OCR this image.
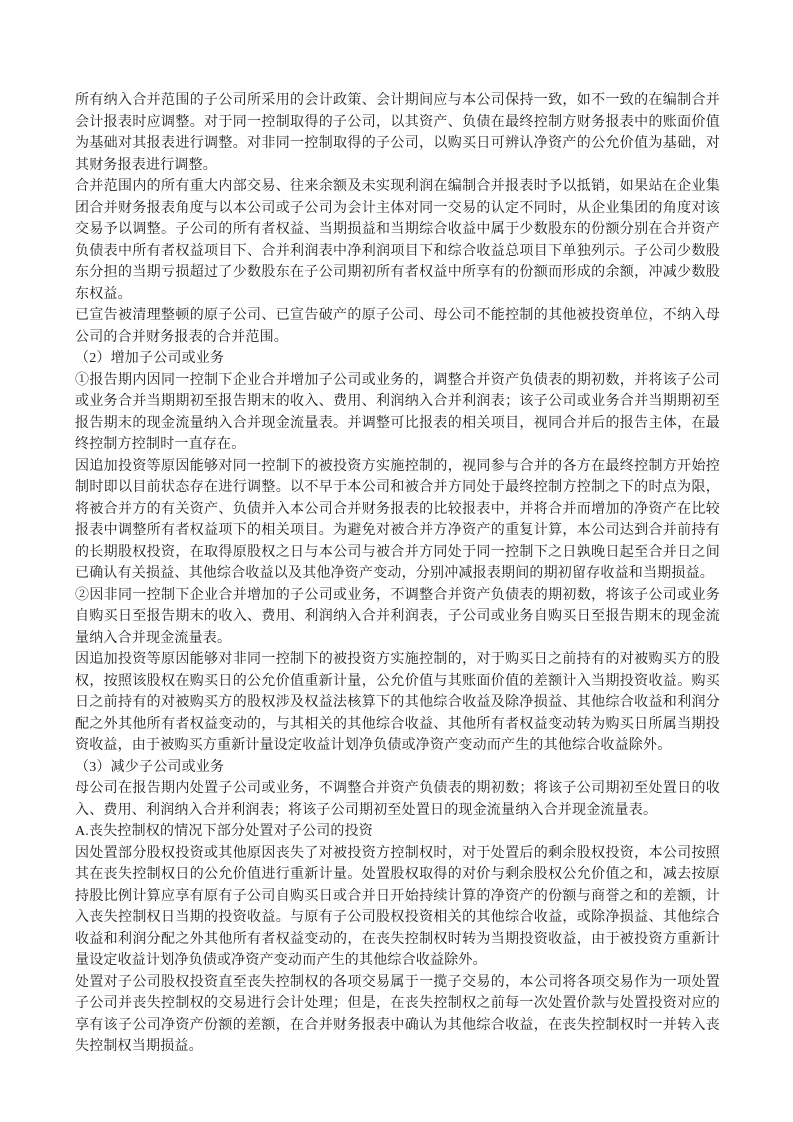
所有纳入合并范围的子公司所采用的会计政策、会计期间应与本公司保持一致，如不一致的在编制合并会计报表时应调整。对于同一控制取得的子公司，以其资产、负债在最终控制方财务报表中的账面价值为基础对其报表进行调整。对非同一控制取得的子公司，以购买日可辨认净资产的公允价值为基础，对其财务报表进行调整。

合并范围内的所有重大内部交易、往来余额及未实现利润在编制合并报表时予以抵销，如果站在企业集团合并财务报表角度与以本公司或子公司为会计主体对同一交易的认定不同时，从企业集团的角度对该交易予以调整。子公司的所有者权益、当期损益和当期综合收益中属于少数股东的份额分别在合并资产负债表中所有者权益项目下、合并利润表中净利润项目下和综合收益总项目下单独列示。子公司少数股东分担的当期亏损超过了少数股东在子公司期初所有者权益中所享有的份额而形成的余额，冲减少数股东权益。

已宣告被清理整顿的原子公司、已宣告破产的原子公司、母公司不能控制的其他被投资单位，不纳入母公司的合并财务报表的合并范围。

（2）增加子公司或业务

①报告期内因同一控制下企业合并增加子公司或业务的，调整合并资产负债表的期初数，并将该子公司或业务合并当期期初至报告期末的收入、费用、利润纳入合并利润表；该子公司或业务合并当期期初至报告期末的现金流量纳入合并现金流量表。并调整可比报表的相关项目，视同合并后的报告主体，在最终控制方控制时一直存在。

因追加投资等原因能够对同一控制下的被投资方实施控制的，视同参与合并的各方在最终控制方开始控制时即以目前状态存在进行调整。以不早于本公司和被合并方同处于最终控制方控制之下的时点为限，将被合并方的有关资产、负债并入本公司合并财务报表的比较报表中，并将合并而增加的净资产在比较报表中调整所有者权益项下的相关项目。为避免对被合并方净资产的重复计算，本公司达到合并前持有的长期股权投资，在取得原股权之日与本公司与被合并方同处于同一控制下之日孰晚日起至合并日之间已确认有关损益、其他综合收益以及其他净资产变动，分别冲减报表期间的期初留存收益和当期损益。

②因非同一控制下企业合并增加的子公司或业务，不调整合并资产负债表的期初数，将该子公司或业务自购买日至报告期末的收入、费用、利润纳入合并利润表，子公司或业务自购买日至报告期末的现金流量纳入合并现金流量表。

因追加投资等原因能够对非同一控制下的被投资方实施控制的，对于购买日之前持有的对被购买方的股权，按照该股权在购买日的公允价值重新计量，公允价值与其账面价值的差额计入当期投资收益。购买日之前持有的对被购买方的股权涉及权益法核算下的其他综合收益及除净损益、其他综合收益和利润分配之外其他所有者权益变动的，与其相关的其他综合收益、其他所有者权益变动转为购买日所属当期投资收益，由于被购买方重新计量设定收益计划净负债或净资产变动而产生的其他综合收益除外。

（3）减少子公司或业务

母公司在报告期内处置子公司或业务，不调整合并资产负债表的期初数；将该子公司期初至处置日的收入、费用、利润纳入合并利润表；将该子公司期初至处置日的现金流量纳入合并现金流量表。

A.丧失控制权的情况下部分处置对子公司的投资

因处置部分股权投资或其他原因丧失了对被投资方控制权时，对于处置后的剩余股权投资，本公司按照其在丧失控制权日的公允价值进行重新计量。处置股权取得的对价与剩余股权公允价值之和，减去按原持股比例计算应享有原有子公司自购买日或合并日开始持续计算的净资产的份额与商誉之和的差额，计入丧失控制权日当期的投资收益。与原有子公司股权投资相关的其他综合收益，或除净损益、其他综合收益和利润分配之外其他所有者权益变动的，在丧失控制权时转为当期投资收益，由于被投资方重新计量设定收益计划净负债或净资产变动而产生的其他综合收益除外。

处置对子公司股权投资直至丧失控制权的各项交易属于一揽子交易的，本公司将各项交易作为一项处置子公司并丧失控制权的交易进行会计处理；但是，在丧失控制权之前每一次处置价款与处置投资对应的享有该子公司净资产份额的差额，在合并财务报表中确认为其他综合收益，在丧失控制权时一并转入丧失控制权当期损益。
